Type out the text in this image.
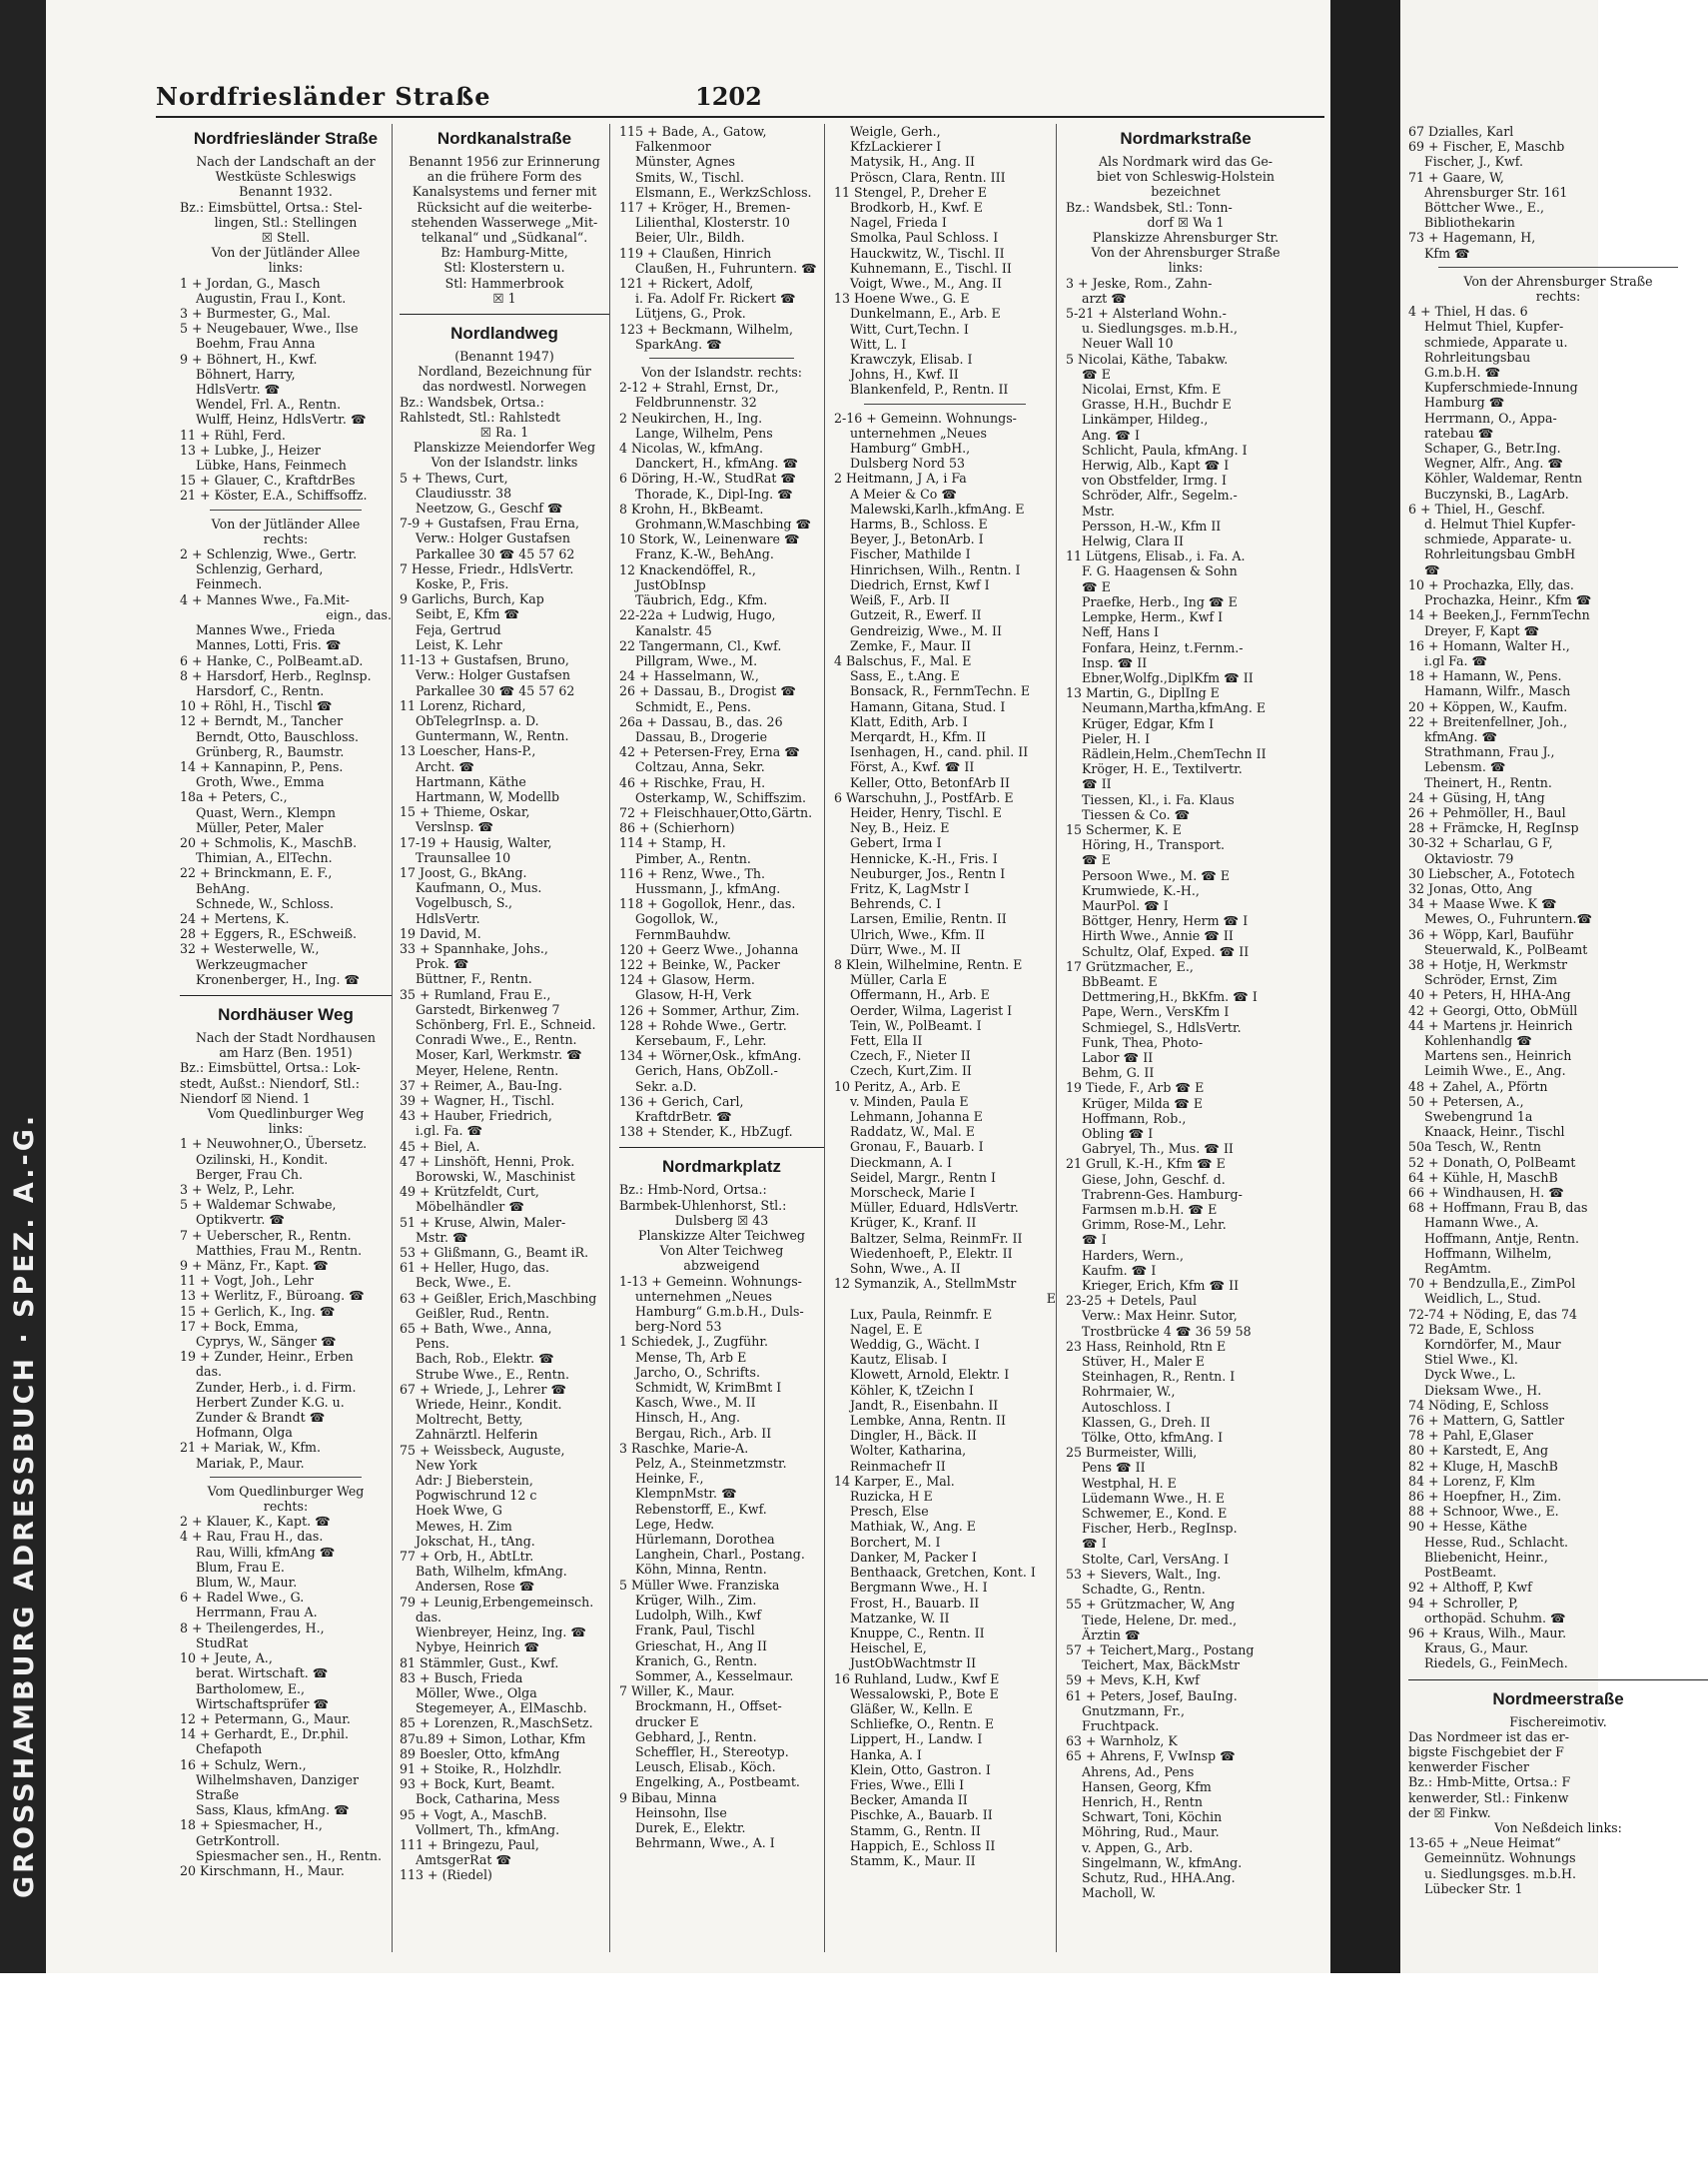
GROSSHAMBURG ADRESSBUCH · SPEZ. A.-G.
67 Dzialles, Karl
69 + Fischer, E, Maschb
Fischer, J., Kwf.
71 + Gaare, W,
Ahrensburger Str. 161
Böttcher Wwe., E.,
Bibliothekarin
73 + Hagemann, H,
Kfm ☎
Von der Ahrensburger Straße
rechts:
4 + Thiel, H das. 6
Helmut Thiel, Kupfer-
schmiede, Apparate u.
Rohrleitungsbau
G.m.b.H. ☎
Kupferschmiede-Innung
Hamburg ☎
Herrmann, O., Appa-
ratebau ☎
Schaper, G., Betr.Ing.
Wegner, Alfr., Ang. ☎
Köhler, Waldemar, Rentn
Buczynski, B., LagArb.
6 + Thiel, H., Geschf.
d. Helmut Thiel Kupfer-
schmiede, Apparate- u.
Rohrleitungsbau GmbH
☎
10 + Prochazka, Elly, das.
Prochazka, Heinr., Kfm ☎
14 + Beeken,J., FernmTechn
Dreyer, F, Kapt ☎
16 + Homann, Walter H.,
i.gl Fa. ☎
18 + Hamann, W., Pens.
Hamann, Wilfr., Masch
20 + Köppen, W., Kaufm.
22 + Breitenfellner, Joh.,
kfmAng. ☎
Strathmann, Frau J.,
Lebensm. ☎
Theinert, H., Rentn.
24 + Güsing, H, tAng
26 + Pehmöller, H., Baul
28 + Främcke, H, RegInsp
30-32 + Scharlau, G F,
Oktaviostr. 79
30 Liebscher, A., Fototech
32 Jonas, Otto, Ang
34 + Maase Wwe. K ☎
Mewes, O., Fuhruntern.☎
36 + Wöpp, Karl, Bauführ
Steuerwald, K., PolBeamt
38 + Hotje, H, Werkmstr
Schröder, Ernst, Zim
40 + Peters, H, HHA-Ang
42 + Georgi, Otto, ObMüll
44 + Martens jr. Heinrich
Kohlenhandlg ☎
Martens sen., Heinrich
Leimih Wwe., E., Ang.
48 + Zahel, A., Pförtn
50 + Petersen, A.,
Swebengrund 1a
Knaack, Heinr., Tischl
50a Tesch, W., Rentn
52 + Donath, O, PolBeamt
64 + Kühle, H, MaschB
66 + Windhausen, H. ☎
68 + Hoffmann, Frau B, das
Hamann Wwe., A.
Hoffmann, Antje, Rentn.
Hoffmann, Wilhelm,
RegAmtm.
70 + Bendzulla,E., ZimPol
Weidlich, L., Stud.
72-74 + Nöding, E, das 74
72 Bade, E, Schloss
Korndörfer, M., Maur
Stiel Wwe., Kl.
Dyck Wwe., L.
Dieksam Wwe., H.
74 Nöding, E, Schloss
76 + Mattern, G, Sattler
78 + Pahl, E,Glaser
80 + Karstedt, E, Ang
82 + Kluge, H, MaschB
84 + Lorenz, F, Klm
86 + Hoepfner, H., Zim.
88 + Schnoor, Wwe., E.
90 + Hesse, Käthe
Hesse, Rud., Schlacht.
Bliebenicht, Heinr.,
PostBeamt.
92 + Althoff, P, Kwf
94 + Schroller, P,
orthopäd. Schuhm. ☎
96 + Kraus, Wilh., Maur.
Kraus, G., Maur.
Riedels, G., FeinMech.
Nordmeerstraße
Fischereimotiv.
Das Nordmeer ist das er-
bigste Fischgebiet der F
kenwerder Fischer
Bz.: Hmb-Mitte, Ortsa.: F
kenwerder, Stl.: Finkenw
der ☒ Finkw.
Von Neßdeich links:
13-65 + „Neue Heimat“
Gemeinnütz. Wohnungs
u. Siedlungsges. m.b.H.
Lübecker Str. 1
Nordfriesländer Straße	1202
Nordfriesländer Straße
Nach der Landschaft an der
Westküste Schleswigs
Benannt 1932.
Bz.: Eimsbüttel, Ortsa.: Stel-
lingen, Stl.: Stellingen
☒ Stell.
Von der Jütländer Allee
links:
1 + Jordan, G., Masch
Augustin, Frau I., Kont.
3 + Burmester, G., Mal.
5 + Neugebauer, Wwe., Ilse
Boehm, Frau Anna
9 + Böhnert, H., Kwf.
Böhnert, Harry,
HdlsVertr. ☎
Wendel, Frl. A., Rentn.
Wulff, Heinz, HdlsVertr. ☎
11 + Rühl, Ferd.
13 + Lubke, J., Heizer
Lübke, Hans, Feinmech
15 + Glauer, C., KraftdrBes
21 + Köster, E.A., Schiffsoffz.
Von der Jütländer Allee
rechts:
2 + Schlenzig, Wwe., Gertr.
Schlenzig, Gerhard,
Feinmech.
4 + Mannes Wwe., Fa.Mit-
eign., das.
Mannes Wwe., Frieda
Mannes, Lotti, Fris. ☎
6 + Hanke, C., PolBeamt.aD.
8 + Harsdorf, Herb., Reglnsp.
Harsdorf, C., Rentn.
10 + Röhl, H., Tischl ☎
12 + Berndt, M., Tancher
Berndt, Otto, Bauschloss.
Grünberg, R., Baumstr.
14 + Kannapinn, P., Pens.
Groth, Wwe., Emma
18a + Peters, C.,
Quast, Wern., Klempn
Müller, Peter, Maler
20 + Schmolis, K., MaschB.
Thimian, A., ElTechn.
22 + Brinckmann, E. F.,
BehAng.
Schnede, W., Schloss.
24 + Mertens, K.
28 + Eggers, R., ESchweiß.
32 + Westerwelle, W.,
Werkzeugmacher
Kronenberger, H., Ing. ☎
Nordhäuser Weg
Nach der Stadt Nordhausen
am Harz (Ben. 1951)
Bz.: Eimsbüttel, Ortsa.: Lok-
stedt, Außst.: Niendorf, Stl.:
Niendorf ☒ Niend. 1
Vom Quedlinburger Weg
links:
1 + Neuwohner,O., Übersetz.
Ozilinski, H., Kondit.
Berger, Frau Ch.
3 + Welz, P., Lehr.
5 + Waldemar Schwabe,
Optikvertr. ☎
7 + Ueberscher, R., Rentn.
Matthies, Frau M., Rentn.
9 + Mänz, Fr., Kapt. ☎
11 + Vogt, Joh., Lehr
13 + Werlitz, F., Büroang. ☎
15 + Gerlich, K., Ing. ☎
17 + Bock, Emma,
Cyprys, W., Sänger ☎
19 + Zunder, Heinr., Erben
das.
Zunder, Herb., i. d. Firm.
Herbert Zunder K.G. u.
Zunder & Brandt ☎
Hofmann, Olga
21 + Mariak, W., Kfm.
Mariak, P., Maur.
Vom Quedlinburger Weg
rechts:
2 + Klauer, K., Kapt. ☎
4 + Rau, Frau H., das.
Rau, Willi, kfmAng ☎
Blum, Frau E.
Blum, W., Maur.
6 + Radel Wwe., G.
Herrmann, Frau A.
8 + Theilengerdes, H.,
StudRat
10 + Jeute, A.,
berat. Wirtschaft. ☎
Bartholomew, E.,
Wirtschaftsprüfer ☎
12 + Petermann, G., Maur.
14 + Gerhardt, E., Dr.phil.
Chefapoth
16 + Schulz, Wern.,
Wilhelmshaven, Danziger
Straße
Sass, Klaus, kfmAng. ☎
18 + Spiesmacher, H.,
GetrKontroll.
Spiesmacher sen., H., Rentn.
20 Kirschmann, H., Maur.
Nordkanalstraße
Benannt 1956 zur Erinnerung
an die frühere Form des
Kanalsystems und ferner mit
Rücksicht auf die weiterbe-
stehenden Wasserwege „Mit-
telkanal“ und „Südkanal“.
Bz: Hamburg-Mitte,
Stl: Klosterstern u.
Stl: Hammerbrook
☒ 1
Nordlandweg
(Benannt 1947)
Nordland, Bezeichnung für
das nordwestl. Norwegen
Bz.: Wandsbek, Ortsa.:
Rahlstedt, Stl.: Rahlstedt
☒ Ra. 1
Planskizze Meiendorfer Weg
Von der Islandstr. links
5 + Thews, Curt,
Claudiusstr. 38
Neetzow, G., Geschf ☎
7-9 + Gustafsen, Frau Erna,
Verw.: Holger Gustafsen
Parkallee 30 ☎ 45 57 62
7 Hesse, Friedr., HdlsVertr.
Koske, P., Fris.
9 Garlichs, Burch, Kap
Seibt, E, Kfm ☎
Feja, Gertrud
Leist, K. Lehr
11-13 + Gustafsen, Bruno,
Verw.: Holger Gustafsen
Parkallee 30 ☎ 45 57 62
11 Lorenz, Richard,
ObTelegrInsp. a. D.
Guntermann, W., Rentn.
13 Loescher, Hans-P.,
Archt. ☎
Hartmann, Käthe
Hartmann, W, Modellb
15 + Thieme, Oskar,
Verslnsp. ☎
17-19 + Hausig, Walter,
Traunsallee 10
17 Joost, G., BkAng.
Kaufmann, O., Mus.
Vogelbusch, S.,
HdlsVertr.
19 David, M.
33 + Spannhake, Johs.,
Prok. ☎
Büttner, F., Rentn.
35 + Rumland, Frau E.,
Garstedt, Birkenweg 7
Schönberg, Frl. E., Schneid.
Conradi Wwe., E., Rentn.
Moser, Karl, Werkmstr. ☎
Meyer, Helene, Rentn.
37 + Reimer, A., Bau-Ing.
39 + Wagner, H., Tischl.
43 + Hauber, Friedrich,
i.gl. Fa. ☎
45 + Biel, A.
47 + Linshöft, Henni, Prok.
Borowski, W., Maschinist
49 + Krützfeldt, Curt,
Möbelhändler ☎
51 + Kruse, Alwin, Maler-
Mstr. ☎
53 + Glißmann, G., Beamt iR.
61 + Heller, Hugo, das.
Beck, Wwe., E.
63 + Geißler, Erich,Maschbing
Geißler, Rud., Rentn.
65 + Bath, Wwe., Anna,
Pens.
Bach, Rob., Elektr. ☎
Strube Wwe., E., Rentn.
67 + Wriede, J., Lehrer ☎
Wriede, Heinr., Kondit.
Moltrecht, Betty,
Zahnärztl. Helferin
75 + Weissbeck, Auguste,
New York
Adr: J Bieberstein,
Pogwischrund 12 c
Hoek Wwe, G
Mewes, H. Zim
Jokschat, H., tAng.
77 + Orb, H., AbtLtr.
Bath, Wilhelm, kfmAng.
Andersen, Rose ☎
79 + Leunig,Erbengemeinsch.
das.
Wienbreyer, Heinz, Ing. ☎
Nybye, Heinrich ☎
81 Stämmler, Gust., Kwf.
83 + Busch, Frieda
Möller, Wwe., Olga
Stegemeyer, A., ElMaschb.
85 + Lorenzen, R.,MaschSetz.
87u.89 + Simon, Lothar, Kfm
89 Boesler, Otto, kfmAng
91 + Stoike, R., Holzhdlr.
93 + Bock, Kurt, Beamt.
Bock, Catharina, Mess
95 + Vogt, A., MaschB.
Vollmert, Th., kfmAng.
111 + Bringezu, Paul,
AmtsgerRat ☎
113 + (Riedel)
115 + Bade, A., Gatow,
Falkenmoor
Münster, Agnes
Smits, W., Tischl.
Elsmann, E., WerkzSchloss.
117 + Kröger, H., Bremen-
Lilienthal, Klosterstr. 10
Beier, Ulr., Bildh.
119 + Claußen, Hinrich
Claußen, H., Fuhruntern. ☎
121 + Rickert, Adolf,
i. Fa. Adolf Fr. Rickert ☎
Lütjens, G., Prok.
123 + Beckmann, Wilhelm,
SparkAng. ☎
Von der Islandstr. rechts:
2-12 + Strahl, Ernst, Dr.,
Feldbrunnenstr. 32
2 Neukirchen, H., Ing.
Lange, Wilhelm, Pens
4 Nicolas, W., kfmAng.
Danckert, H., kfmAng. ☎
6 Döring, H.-W., StudRat ☎
Thorade, K., Dipl-Ing. ☎
8 Krohn, H., BkBeamt.
Grohmann,W.Maschbing ☎
10 Stork, W., Leinenware ☎
Franz, K.-W., BehAng.
12 Knackendöffel, R.,
JustObInsp
Täubrich, Edg., Kfm.
22-22a + Ludwig, Hugo,
Kanalstr. 45
22 Tangermann, Cl., Kwf.
Pillgram, Wwe., M.
24 + Hasselmann, W.,
26 + Dassau, B., Drogist ☎
Schmidt, E., Pens.
26a + Dassau, B., das. 26
Dassau, B., Drogerie
42 + Petersen-Frey, Erna ☎
Coltzau, Anna, Sekr.
46 + Rischke, Frau, H.
Osterkamp, W., Schiffszim.
72 + Fleischhauer,Otto,Gärtn.
86 + (Schierhorn)
114 + Stamp, H.
Pimber, A., Rentn.
116 + Renz, Wwe., Th.
Hussmann, J., kfmAng.
118 + Gogollok, Henr., das.
Gogollok, W.,
FernmBauhdw.
120 + Geerz Wwe., Johanna
122 + Beinke, W., Packer
124 + Glasow, Herm.
Glasow, H-H, Verk
126 + Sommer, Arthur, Zim.
128 + Rohde Wwe., Gertr.
Kersebaum, F., Lehr.
134 + Wörner,Osk., kfmAng.
Gerich, Hans, ObZoll.-
Sekr. a.D.
136 + Gerich, Carl,
KraftdrBetr. ☎
138 + Stender, K., HbZugf.
Nordmarkplatz
Bz.: Hmb-Nord, Ortsa.:
Barmbek-Uhlenhorst, Stl.:
Dulsberg ☒ 43
Planskizze Alter Teichweg
Von Alter Teichweg
abzweigend
1-13 + Gemeinn. Wohnungs-
unternehmen „Neues
Hamburg“ G.m.b.H., Duls-
berg-Nord 53
1 Schiedek, J., Zugführ.
Mense, Th, Arb E
Jarcho, O., Schrifts.
Schmidt, W, KrimBmt I
Kasch, Wwe., M. II
Hinsch, H., Ang.
Bergau, Rich., Arb. II
3 Raschke, Marie-A.
Pelz, A., Steinmetzmstr.
Heinke, F.,
KlempnMstr. ☎
Rebenstorff, E., Kwf.
Lege, Hedw.
Hürlemann, Dorothea
Langhein, Charl., Postang.
Köhn, Minna, Rentn.
5 Müller Wwe. Franziska
Krüger, Wilh., Zim.
Ludolph, Wilh., Kwf
Frank, Paul, Tischl
Grieschat, H., Ang II
Kranich, G., Rentn.
Sommer, A., Kesselmaur.
7 Willer, K., Maur.
Brockmann, H., Offset-
drucker E
Gebhard, J., Rentn.
Scheffler, H., Stereotyp.
Leusch, Elisab., Köch.
Engelking, A., Postbeamt.
9 Bibau, Minna
Heinsohn, Ilse
Durek, E., Elektr.
Behrmann, Wwe., A. I
Weigle, Gerh.,
KfzLackierer I
Matysik, H., Ang. II
Pröscn, Clara, Rentn. III
11 Stengel, P., Dreher E
Brodkorb, H., Kwf. E
Nagel, Frieda I
Smolka, Paul Schloss. I
Hauckwitz, W., Tischl. II
Kuhnemann, E., Tischl. II
Voigt, Wwe., M., Ang. II
13 Hoene Wwe., G. E
Dunkelmann, E., Arb. E
Witt, Curt,Techn. I
Witt, L. I
Krawczyk, Elisab. I
Johns, H., Kwf. II
Blankenfeld, P., Rentn. II
2-16 + Gemeinn. Wohnungs-
unternehmen „Neues
Hamburg“ GmbH.,
Dulsberg Nord 53
2 Heitmann, J A, i Fa
A Meier & Co ☎
Malewski,Karlh.,kfmAng. E
Harms, B., Schloss. E
Beyer, J., BetonArb. I
Fischer, Mathilde I
Hinrichsen, Wilh., Rentn. I
Diedrich, Ernst, Kwf I
Weiß, F., Arb. II
Gutzeit, R., Ewerf. II
Gendreizig, Wwe., M. II
Zemke, F., Maur. II
4 Balschus, F., Mal. E
Sass, E., t.Ang. E
Bonsack, R., FernmTechn. E
Hamann, Gitana, Stud. I
Klatt, Edith, Arb. I
Merqardt, H., Kfm. II
Isenhagen, H., cand. phil. II
Först, A., Kwf. ☎ II
Keller, Otto, BetonfArb II
6 Warschuhn, J., PostfArb. E
Heider, Henry, Tischl. E
Ney, B., Heiz. E
Gebert, Irma I
Hennicke, K.-H., Fris. I
Neuburger, Jos., Rentn I
Fritz, K, LagMstr I
Behrends, C. I
Larsen, Emilie, Rentn. II
Ulrich, Wwe., Kfm. II
Dürr, Wwe., M. II
8 Klein, Wilhelmine, Rentn. E
Müller, Carla E
Offermann, H., Arb. E
Oerder, Wilma, Lagerist I
Tein, W., PolBeamt. I
Fett, Ella II
Czech, F., Nieter II
Czech, Kurt,Zim. II
10 Peritz, A., Arb. E
v. Minden, Paula E
Lehmann, Johanna E
Raddatz, W., Mal. E
Gronau, F., Bauarb. I
Dieckmann, A. I
Seidel, Margr., Rentn I
Morscheck, Marie I
Müller, Eduard, HdlsVertr.
Krüger, K., Kranf. II
Baltzer, Selma, ReinmFr. II
Wiedenhoeft, P., Elektr. II
Sohn, Wwe., A. II
12 Symanzik, A., StellmMstr
E
Lux, Paula, Reinmfr. E
Nagel, E. E
Weddig, G., Wächt. I
Kautz, Elisab. I
Klowett, Arnold, Elektr. I
Köhler, K, tZeichn I
Jandt, R., Eisenbahn. II
Lembke, Anna, Rentn. II
Dingler, H., Bäck. II
Wolter, Katharina,
Reinmachefr II
14 Karper, E., Mal.
Ruzicka, H E
Presch, Else
Mathiak, W., Ang. E
Borchert, M. I
Danker, M, Packer I
Benthaack, Gretchen, Kont. I
Bergmann Wwe., H. I
Frost, H., Bauarb. II
Matzanke, W. II
Knuppe, C., Rentn. II
Heischel, E,
JustObWachtmstr II
16 Ruhland, Ludw., Kwf E
Wessalowski, P., Bote E
Gläßer, W., Kelln. E
Schliefke, O., Rentn. E
Lippert, H., Landw. I
Hanka, A. I
Klein, Otto, Gastron. I
Fries, Wwe., Elli I
Becker, Amanda II
Pischke, A., Bauarb. II
Stamm, G., Rentn. II
Happich, E., Schloss II
Stamm, K., Maur. II
Nordmarkstraße
Als Nordmark wird das Ge-
biet von Schleswig-Holstein
bezeichnet
Bz.: Wandsbek, Stl.: Tonn-
dorf ☒ Wa 1
Planskizze Ahrensburger Str.
Von der Ahrensburger Straße
links:
3 + Jeske, Rom., Zahn-
arzt ☎
5-21 + Alsterland Wohn.-
u. Siedlungsges. m.b.H.,
Neuer Wall 10
5 Nicolai, Käthe, Tabakw.
☎ E
Nicolai, Ernst, Kfm. E
Grasse, H.H., Buchdr E
Linkämper, Hildeg.,
Ang. ☎ I
Schlicht, Paula, kfmAng. I
Herwig, Alb., Kapt ☎ I
von Obstfelder, Irmg. I
Schröder, Alfr., Segelm.-
Mstr.
Persson, H.-W., Kfm II
Helwig, Clara II
11 Lütgens, Elisab., i. Fa. A.
F. G. Haagensen & Sohn
☎ E
Praefke, Herb., Ing ☎ E
Lempke, Herm., Kwf I
Neff, Hans I
Fonfara, Heinz, t.Fernm.-
Insp. ☎ II
Ebner,Wolfg.,DiplKfm ☎ II
13 Martin, G., DiplIng E
Neumann,Martha,kfmAng. E
Krüger, Edgar, Kfm I
Pieler, H. I
Rädlein,Helm.,ChemTechn II
Kröger, H. E., Textilvertr.
☎ II
Tiessen, Kl., i. Fa. Klaus
Tiessen & Co. ☎
15 Schermer, K. E
Höring, H., Transport.
☎ E
Persoon Wwe., M. ☎ E
Krumwiede, K.-H.,
MaurPol. ☎ I
Böttger, Henry, Herm ☎ I
Hirth Wwe., Annie ☎ II
Schultz, Olaf, Exped. ☎ II
17 Grützmacher, E.,
BbBeamt. E
Dettmering,H., BkKfm. ☎ I
Pape, Wern., VersKfm I
Schmiegel, S., HdlsVertr.
Funk, Thea, Photo-
Labor ☎ II
Behm, G. II
19 Tiede, F., Arb ☎ E
Krüger, Milda ☎ E
Hoffmann, Rob.,
Obling ☎ I
Gabryel, Th., Mus. ☎ II
21 Grull, K.-H., Kfm ☎ E
Giese, John, Geschf. d.
Trabrenn-Ges. Hamburg-
Farmsen m.b.H. ☎ E
Grimm, Rose-M., Lehr.
☎ I
Harders, Wern.,
Kaufm. ☎ I
Krieger, Erich, Kfm ☎ II
23-25 + Detels, Paul
Verw.: Max Heinr. Sutor,
Trostbrücke 4 ☎ 36 59 58
23 Hass, Reinhold, Rtn E
Stüver, H., Maler E
Steinhagen, R., Rentn. I
Rohrmaier, W.,
Autoschloss. I
Klassen, G., Dreh. II
Tölke, Otto, kfmAng. I
25 Burmeister, Willi,
Pens ☎ II
Westphal, H. E
Lüdemann Wwe., H. E
Schwemer, E., Kond. E
Fischer, Herb., RegInsp.
☎ I
Stolte, Carl, VersAng. I
53 + Sievers, Walt., Ing.
Schadte, G., Rentn.
55 + Grützmacher, W, Ang
Tiede, Helene, Dr. med.,
Ärztin ☎
57 + Teichert,Marg., Postang
Teichert, Max, BäckMstr
59 + Mevs, K.H, Kwf
61 + Peters, Josef, BauIng.
Gnutzmann, Fr.,
Fruchtpack.
63 + Warnholz, K
65 + Ahrens, F, VwInsp ☎
Ahrens, Ad., Pens
Hansen, Georg, Kfm
Henrich, H., Rentn
Schwart, Toni, Köchin
Möhring, Rud., Maur.
v. Appen, G., Arb.
Singelmann, W., kfmAng.
Schutz, Rud., HHA.Ang.
Macholl, W.
